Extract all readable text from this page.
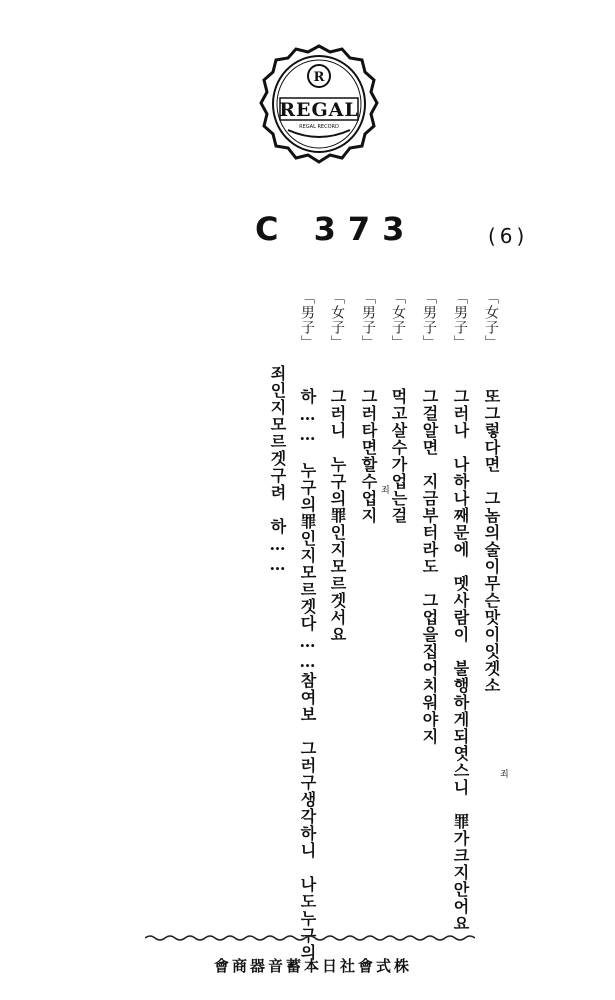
R
REGAL
REGAL RECORD
C 373	(6)
「女子」또그렇다면　그놈의술이무슨맛이잇겟소
「男子」그러나　나하나째문에　멧사람이　불행하게되엿스니　罪가크지안어요
「男子」그걸알면　지금부터라도　그업을집어치워야지
「女子」먹고살수가업는걸
「男子」그러타면할수업지
「女子」그러니　누구의罪인지모르겟서요
「男子」하……　누구의罪인지모르겟다……참여보　그러구생각하니　나도누구의
죄인지모르겟구려　하……
죄
죄
會商器音蓄本日社會式株
